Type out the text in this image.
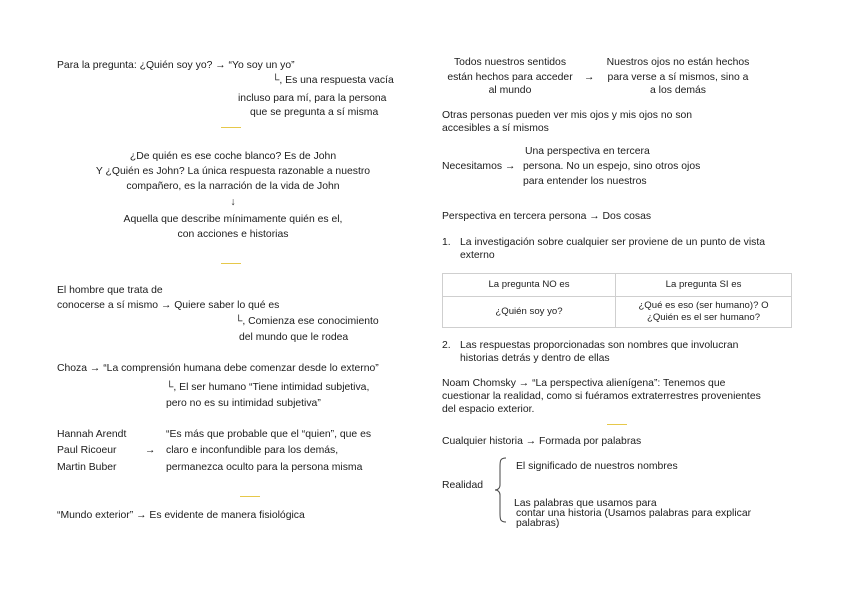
Para la pregunta: ¿Quién soy yo? → “Yo soy un yo”
└, Es una respuesta vacía
incluso para mí, para la persona
que se pregunta a sí misma
¿De quién es ese coche blanco? Es de John
Y ¿Quién es John? La única respuesta razonable a nuestro
compañero, es la narración de la vida de John
↓
Aquella que describe mínimamente quién es el,
con acciones e historias
El hombre que trata de
conocerse a sí mismo → Quiere saber lo qué es
└, Comienza ese conocimiento
del mundo que le rodea
Choza → “La comprensión humana debe comenzar desde lo externo”
└, El ser humano “Tiene intimidad subjetiva,
pero no es su intimidad subjetiva”
Hannah Arendt
Paul Ricoeur
Martin Buber
→
“Es más que probable que el “quien”, que es
claro e inconfundible para los demás,
permanezca oculto para la persona misma
“Mundo exterior” → Es evidente de manera fisiológica
Todos nuestros sentidos
están hechos para acceder
al mundo
→
Nuestros ojos no están hechos
para verse a sí mismos, sino a
a los demás
Otras personas pueden ver mis ojos y mis ojos no son
accesibles a sí mismos
Una perspectiva en tercera
Necesitamos → persona. No un espejo, sino otros ojos
para entender los nuestros
Perspectiva en tercera persona → Dos cosas
1. La investigación sobre cualquier ser proviene de un punto de vista
externo
La pregunta NO es	La pregunta SI es
¿Quién soy yo?	¿Qué es eso (ser humano)? O
¿Quién es el ser humano?
2. Las respuestas proporcionadas son nombres que involucran
historias detrás y dentro de ellas
Noam Chomsky → “La perspectiva alienígena”: Tenemos que
cuestionar la realidad, como si fuéramos extraterrestres provenientes
del espacio exterior.
Cualquier historia → Formada por palabras
Realidad
El significado de nuestros nombres
Las palabras que usamos para
contar una historia (Usamos palabras para explicar
palabras)
